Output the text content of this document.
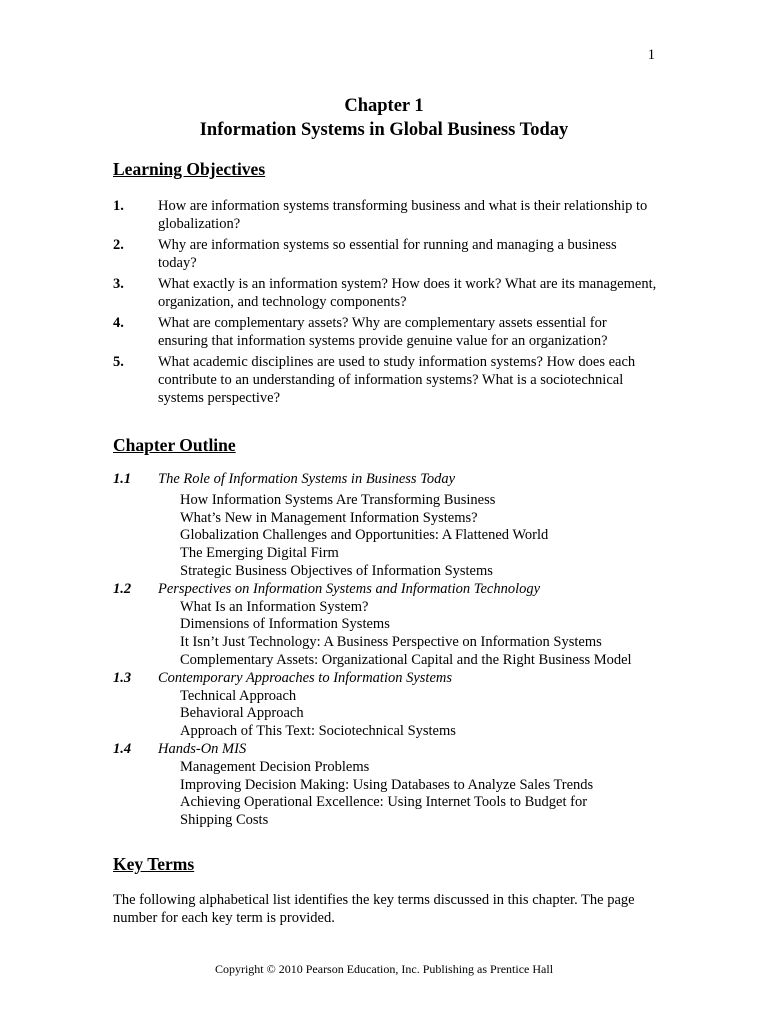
1
Chapter 1
Information Systems in Global Business Today
Learning Objectives
1.	How are information systems transforming business and what is their relationship to globalization?
2.	Why are information systems so essential for running and managing a business today?
3.	What exactly is an information system? How does it work? What are its management, organization, and technology components?
4.	What are complementary assets? Why are complementary assets essential for ensuring that information systems provide genuine value for an organization?
5.	What academic disciplines are used to study information systems? How does each contribute to an understanding of information systems? What is a sociotechnical systems perspective?
Chapter Outline
1.1	The Role of Information Systems in Business Today
How Information Systems Are Transforming Business
What’s New in Management Information Systems?
Globalization Challenges and Opportunities: A Flattened World
The Emerging Digital Firm
Strategic Business Objectives of Information Systems
1.2	Perspectives on Information Systems and Information Technology
What Is an Information System?
Dimensions of Information Systems
It Isn’t Just Technology: A Business Perspective on Information Systems
Complementary Assets: Organizational Capital and the Right Business Model
1.3	Contemporary Approaches to Information Systems
Technical Approach
Behavioral Approach
Approach of This Text: Sociotechnical Systems
1.4	Hands-On MIS
Management Decision Problems
Improving Decision Making: Using Databases to Analyze Sales Trends
Achieving Operational Excellence: Using Internet Tools to Budget for
Shipping Costs
Key Terms
The following alphabetical list identifies the key terms discussed in this chapter. The page number for each key term is provided.
Copyright © 2010 Pearson Education, Inc. Publishing as Prentice Hall
